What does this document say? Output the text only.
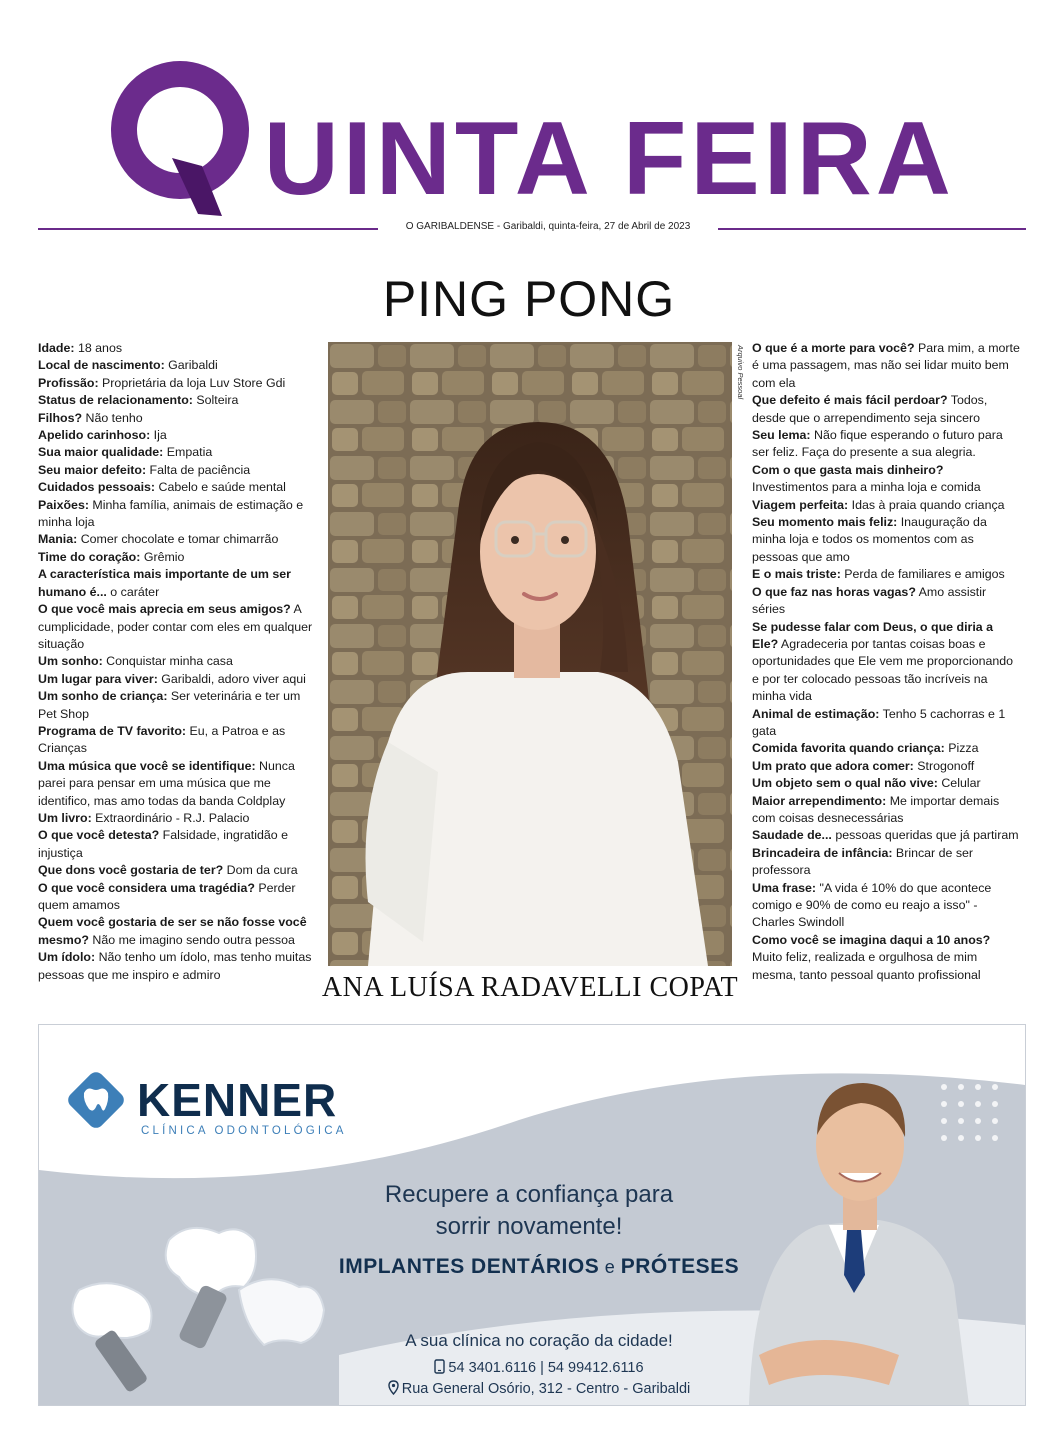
QUINTA FEIRA
O GARIBALDENSE - Garibaldi, quinta-feira, 27 de Abril de 2023
PING PONG

Idade: 18 anos

Local de nascimento: Garibaldi

Profissão: Proprietária da loja Luv Store Gdi

Status de relacionamento: Solteira

Filhos? Não tenho

Apelido carinhoso: Ija

Sua maior qualidade: Empatia

Seu maior defeito: Falta de paciência

Cuidados pessoais: Cabelo e saúde mental

Paixões: Minha família, animais de estimação e minha loja

Mania: Comer chocolate e tomar chimarrão

Time do coração: Grêmio

A característica mais importante de um ser humano é... o caráter

O que você mais aprecia em seus amigos? A cumplicidade, poder contar com eles em qualquer situação

Um sonho: Conquistar minha casa

Um lugar para viver: Garibaldi, adoro viver aqui

Um sonho de criança: Ser veterinária e ter um Pet Shop

Programa de TV favorito: Eu, a Patroa e as Crianças

Uma música que você se identifique: Nunca parei para pensar em uma música que me identifico, mas amo todas da banda Coldplay

Um livro: Extraordinário - R.J. Palacio

O que você detesta? Falsidade, ingratidão e injustiça

Que dons você gostaria de ter? Dom da cura

O que você considera uma tragédia? Perder quem amamos

Quem você gostaria de ser se não fosse você mesmo? Não me imagino sendo outra pessoa

Um ídolo: Não tenho um ídolo, mas tenho muitas pessoas que me inspiro e admiro

Arquivo Pessoal
ANA LUÍSA RADAVELLI COPAT

O que é a morte para você? Para mim, a morte é uma passagem, mas não sei lidar muito bem com ela

Que defeito é mais fácil perdoar? Todos, desde que o arrependimento seja sincero

Seu lema: Não fique esperando o futuro para ser feliz. Faça do presente a sua alegria.

Com o que gasta mais dinheiro? Investimentos para a minha loja e comida

Viagem perfeita: Idas à praia quando criança

Seu momento mais feliz: Inauguração da minha loja e todos os momentos com as pessoas que amo

E o mais triste: Perda de familiares e amigos

O que faz nas horas vagas? Amo assistir séries

Se pudesse falar com Deus, o que diria a Ele? Agradeceria por tantas coisas boas e oportunidades que Ele vem me proporcionando e por ter colocado pessoas tão incríveis na minha vida

Animal de estimação: Tenho 5 cachorras e 1 gata

Comida favorita quando criança: Pizza

Um prato que adora comer: Strogonoff

Um objeto sem o qual não vive: Celular

Maior arrependimento: Me importar demais com coisas desnecessárias

Saudade de... pessoas queridas que já partiram

Brincadeira de infância: Brincar de ser professora

Uma frase: "A vida é 10% do que acontece comigo e 90% de como eu reajo a isso" - Charles Swindoll

Como você se imagina daqui a 10 anos? Muito feliz, realizada e orgulhosa de mim mesma, tanto pessoal quanto profissional

KENNER
CLÍNICA ODONTOLÓGICA
Recupere a confiança para
sorrir novamente!
IMPLANTES DENTÁRIOS e PRÓTESES
A sua clínica no coração da cidade!
54 3401.6116 | 54 99412.6116
Rua General Osório, 312 - Centro - Garibaldi
